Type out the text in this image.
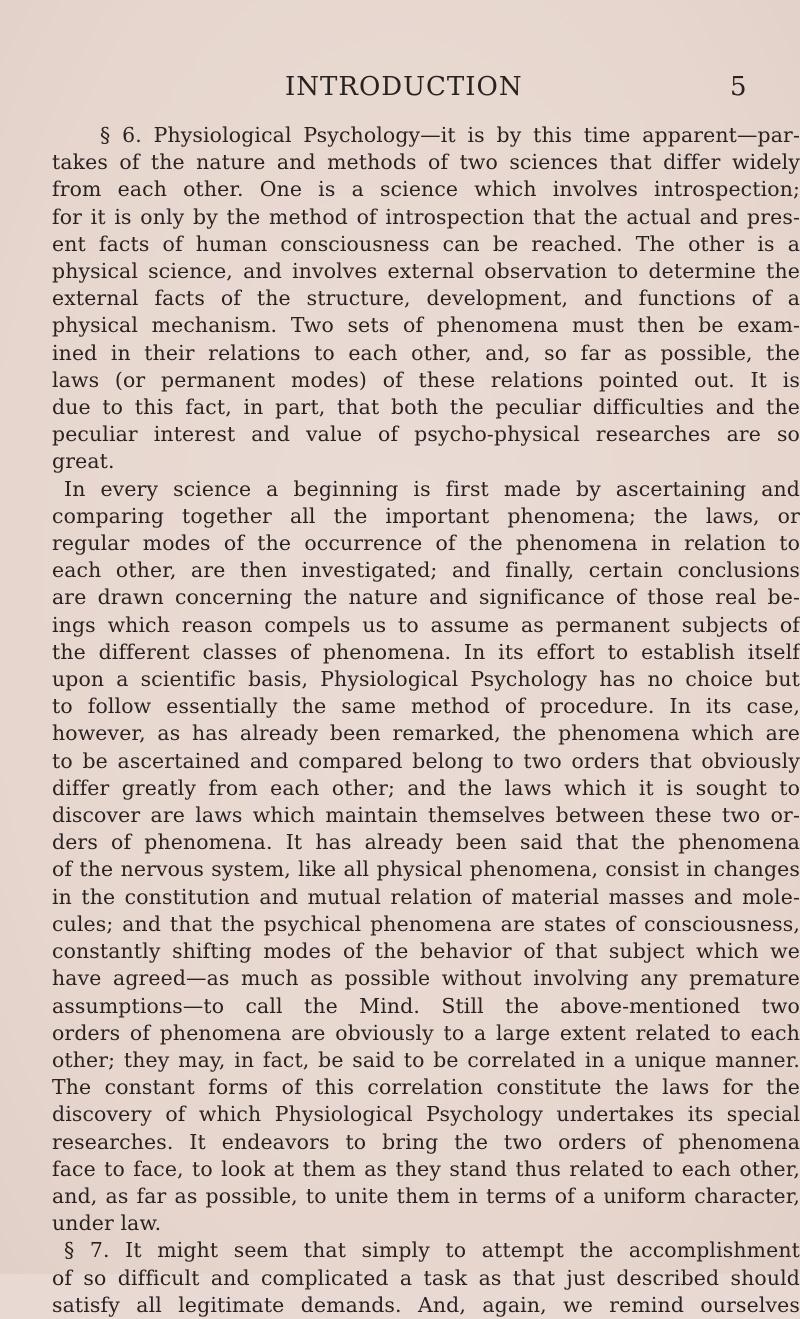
INTRODUCTION	5
§ 6. Physiological Psychology—it is by this time apparent—par-
takes of the nature and methods of two sciences that differ widely
from each other. One is a science which involves introspection;
for it is only by the method of introspection that the actual and pres-
ent facts of human consciousness can be reached. The other is a
physical science, and involves external observation to determine the
external facts of the structure, development, and functions of a
physical mechanism. Two sets of phenomena must then be exam-
ined in their relations to each other, and, so far as possible, the
laws (or permanent modes) of these relations pointed out. It is
due to this fact, in part, that both the peculiar difficulties and the
peculiar interest and value of psycho-physical researches are so
great.
In every science a beginning is first made by ascertaining and
comparing together all the important phenomena; the laws, or
regular modes of the occurrence of the phenomena in relation to
each other, are then investigated; and finally, certain conclusions
are drawn concerning the nature and significance of those real be-
ings which reason compels us to assume as permanent subjects of
the different classes of phenomena. In its effort to establish itself
upon a scientific basis, Physiological Psychology has no choice but
to follow essentially the same method of procedure. In its case,
however, as has already been remarked, the phenomena which are
to be ascertained and compared belong to two orders that obviously
differ greatly from each other; and the laws which it is sought to
discover are laws which maintain themselves between these two or-
ders of phenomena. It has already been said that the phenomena
of the nervous system, like all physical phenomena, consist in changes
in the constitution and mutual relation of material masses and mole-
cules; and that the psychical phenomena are states of consciousness,
constantly shifting modes of the behavior of that subject which we
have agreed—as much as possible without involving any premature
assumptions—to call the Mind. Still the above-mentioned two
orders of phenomena are obviously to a large extent related to each
other; they may, in fact, be said to be correlated in a unique manner.
The constant forms of this correlation constitute the laws for the
discovery of which Physiological Psychology undertakes its special
researches. It endeavors to bring the two orders of phenomena
face to face, to look at them as they stand thus related to each other,
and, as far as possible, to unite them in terms of a uniform character,
under law.
§ 7. It might seem that simply to attempt the accomplishment
of so difficult and complicated a task as that just described should
satisfy all legitimate demands. And, again, we remind ourselves
